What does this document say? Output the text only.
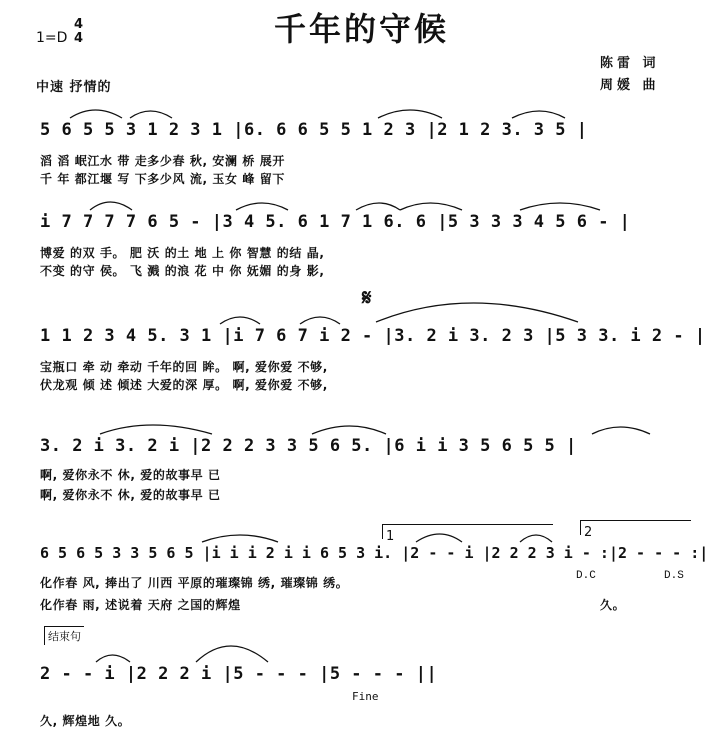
千年的守候
1=D
4
4
陈雷 词
周媛 曲
中速 抒情的
5 6 5 5 3 1 2 3 1 |6. 6 6 5 5 1 2 3 |2 1 2 3. 3 5 |
滔 滔 岷江水 带 走多少春 秋, 安澜 桥 展开
千 年 都江堰 写 下多少风 流, 玉女 峰 留下
i 7 7 7 7 6 5 - |3 4 5. 6 1 7 1 6. 6 |5 3 3 3 4 5 6 - |
博爱 的双 手。 肥 沃 的土 地 上 你 智慧 的结 晶,
不变 的守 侯。 飞 溅 的浪 花 中 你 妩媚 的身 影,
𝄋
1 1 2 3 4 5. 3 1 |i 7 6 7 i 2 - |3. 2 i 3. 2 3 |5 3 3. i 2 - |
宝瓶口 牵 动 牵动 千年的回 眸。 啊, 爱你爱 不够,
伏龙观 倾 述 倾述 大爱的深 厚。 啊, 爱你爱 不够,
3. 2 i 3. 2 i |2 2 2 3 3 5 6 5. |6 i i 3 5 6 5 5 |
啊, 爱你永不 休, 爱的故事早 已
啊, 爱你永不 休, 爱的故事早 已
1	2
6 5 6 5 3 3 5 6 5 |i i i 2 i i 6 5 3 i. |2 - - i |2 2 2 3 i - :|2 - - - :|
化作春 风, 捧出了 川西 平原的璀璨锦 绣, 璀璨锦 绣。	D.C	D.S
化作春 雨, 述说着 天府 之国的辉煌	久。
结束句
2 - - i |2 2 2 i |5 - - - |5 - - - ||
Fine
久, 辉煌地 久。
